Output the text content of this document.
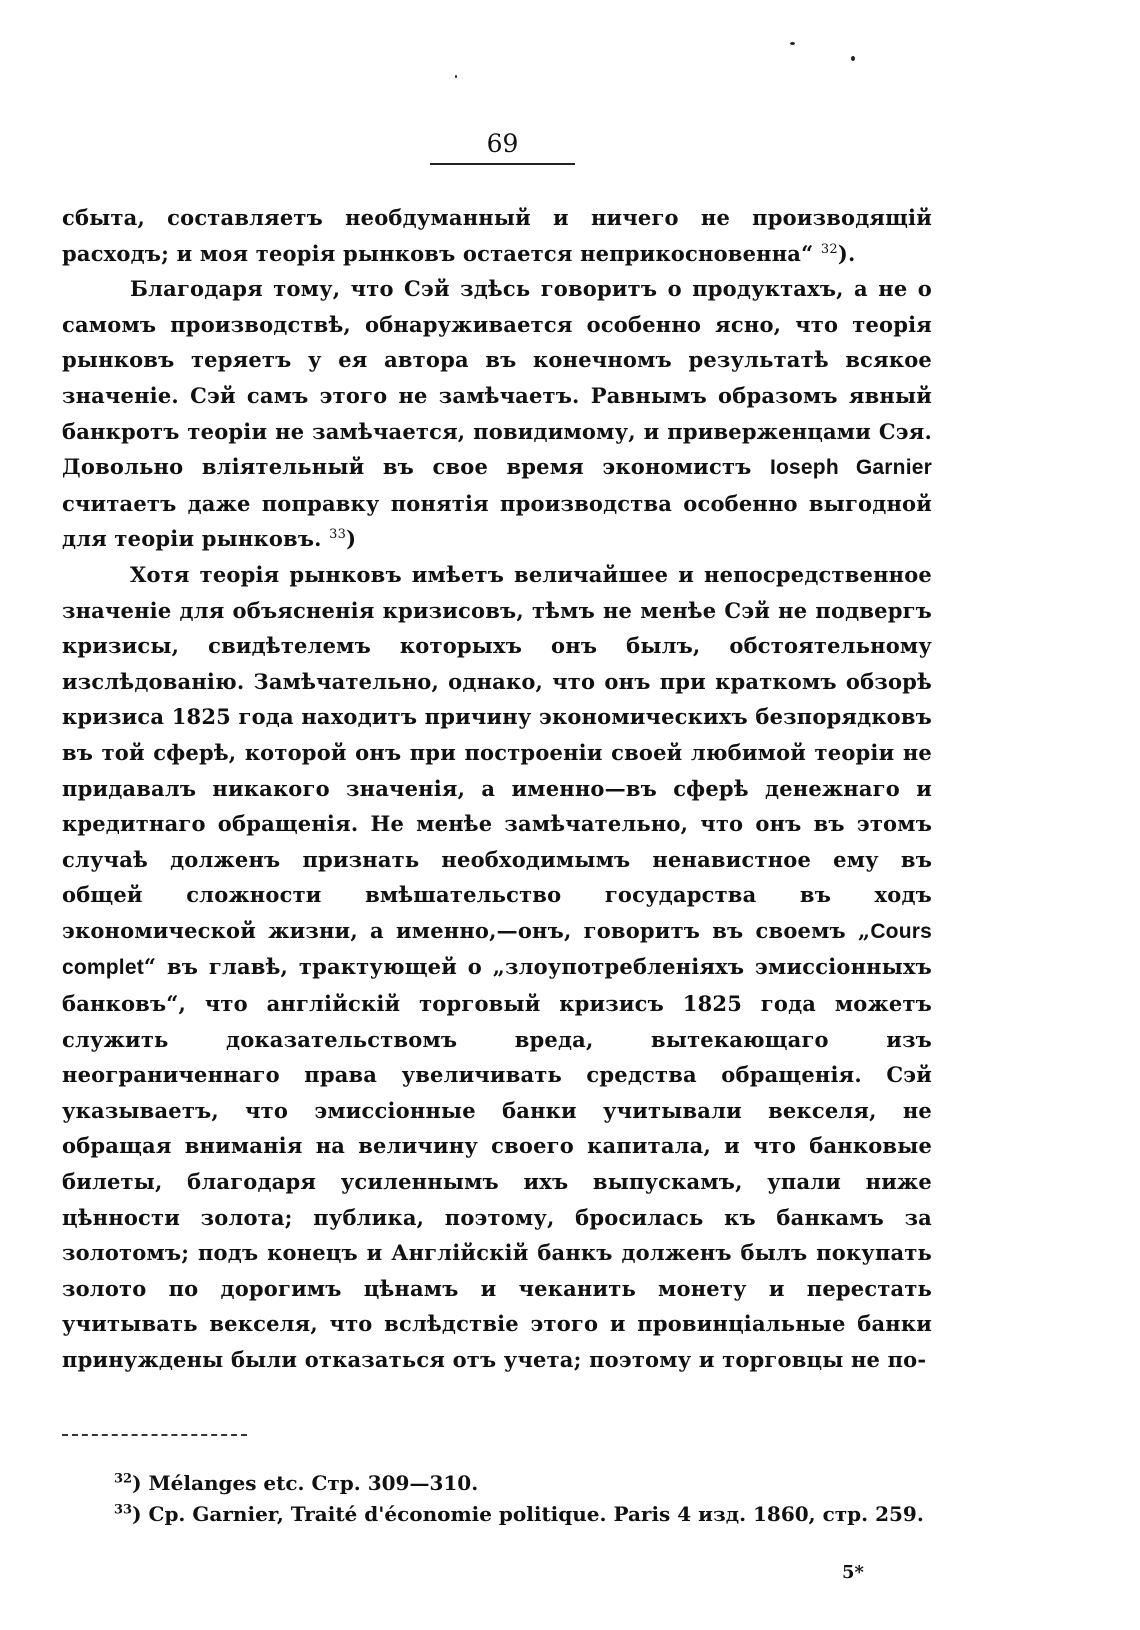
69

сбыта, составляетъ необдуманный и ничего не производящій расходъ; и моя теорія рынковъ остается неприкосновенна“ $^{32}$).

Благодаря тому, что Сэй здѣсь говоритъ о продуктахъ, а не о самомъ производствѣ, обнаруживается особенно ясно, что теорія рынковъ теряетъ у ея автора въ конечномъ результатѣ всякое значеніе. Сэй самъ этого не замѣчаетъ. Равнымъ образомъ явный банкротъ теоріи не замѣчается, повидимому, и приверженцами Сэя. Довольно вліятельный въ свое время экономистъ Ioseph Garnier считаетъ даже поправку понятія производства особенно выгодной для теоріи рынковъ. $^{33}$)

Хотя теорія рынковъ имѣетъ величайшее и непосредственное значеніе для объясненія кризисовъ, тѣмъ не менѣе Сэй не подвергъ кризисы, свидѣтелемъ которыхъ онъ былъ, обстоятельному изслѣдованію. Замѣчательно, однако, что онъ при краткомъ обзорѣ кризиса 1825 года находитъ причину экономическихъ безпорядковъ въ той сферѣ, которой онъ при построеніи своей любимой теоріи не придавалъ никакого значенія, а именно—въ сферѣ денежнаго и кредитнаго обращенія. Не менѣе замѣчательно, что онъ въ этомъ случаѣ долженъ признать необходимымъ ненавистное ему въ общей сложности вмѣшательство государства въ ходъ экономической жизни, а именно,—онъ, говоритъ въ своемъ „Cours complet“ въ главѣ, трактующей о „злоупотребленіяхъ эмиссіонныхъ банковъ“, что англійскій торговый кризисъ 1825 года можетъ служить доказательствомъ вреда, вытекающаго изъ неограниченнаго права увеличивать средства обращенія. Сэй указываетъ, что эмиссіонные банки учитывали векселя, не обращая вниманія на величину своего капитала, и что банковые билеты, благодаря усиленнымъ ихъ выпускамъ, упали ниже цѣнности золота; публика, поэтому, бросилась къ банкамъ за золотомъ; подъ конецъ и Англійскій банкъ долженъ былъ покупать золото по дорогимъ цѣнамъ и чеканить монету и перестать учитывать векселя, что вслѣдствіе этого и провинціальные банки принуждены были отказаться отъ учета; поэтому и торговцы не по-

$^{32}$) Mélanges etc. Стр. 309—310.

$^{33}$) Cp. Garnier, Traité d'économie politique. Paris 4 изд. 1860, стр. 259.

5*
